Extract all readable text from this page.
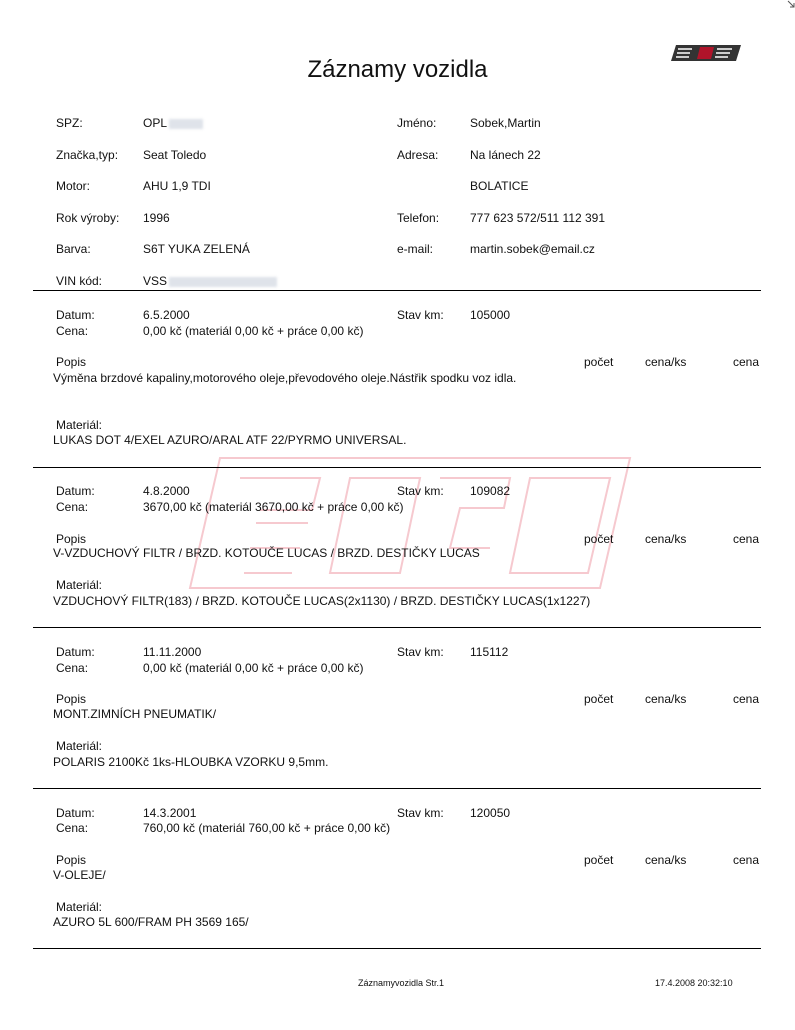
Záznamy vozidla
SPZ:	OPL
Značka,typ: Seat Toledo
Motor:	AHU 1,9 TDI
Rok výroby: 1996
Barva:	S6T YUKA ZELENÁ
VIN kód:	VSS
Jméno:	Sobek,Martin
Adresa:	Na lánech 22
BOLATICE
Telefon:	777 623 572/511 112 391
e-mail:	martin.sobek@email.cz
Datum:	6.5.2000	Stav km: 105000
Cena:	0,00 kč (materiál 0,00 kč + práce 0,00 kč)
Popis	počet	cena/ks	cena
Výměna brzdové kapaliny,motorového oleje,převodového oleje.Nástřik spodku voz idla.
Materiál:
LUKAS DOT 4/EXEL AZURO/ARAL ATF 22/PYRMO UNIVERSAL.
Datum:	4.8.2000	Stav km: 109082
Cena:	3670,00 kč (materiál 3670,00 kč + práce 0,00 kč)
Popis	počet	cena/ks	cena
V-VZDUCHOVÝ FILTR / BRZD. KOTOUČE LUCAS / BRZD. DESTIČKY LUCAS
Materiál:
VZDUCHOVÝ FILTR(183) / BRZD. KOTOUČE LUCAS(2x1130) / BRZD. DESTIČKY LUCAS(1x1227)
Datum:	11.11.2000	Stav km: 115112
Cena:	0,00 kč (materiál 0,00 kč + práce 0,00 kč)
Popis	počet	cena/ks	cena
MONT.ZIMNÍCH PNEUMATIK/
Materiál:
POLARIS 2100Kč 1ks-HLOUBKA VZORKU 9,5mm.
Datum:	14.3.2001	Stav km: 120050
Cena:	760,00 kč (materiál 760,00 kč + práce 0,00 kč)
Popis	počet	cena/ks	cena
V-OLEJE/
Materiál:
AZURO 5L 600/FRAM PH 3569 165/
Záznamyvozidla Str.1	17.4.2008 20:32:10
